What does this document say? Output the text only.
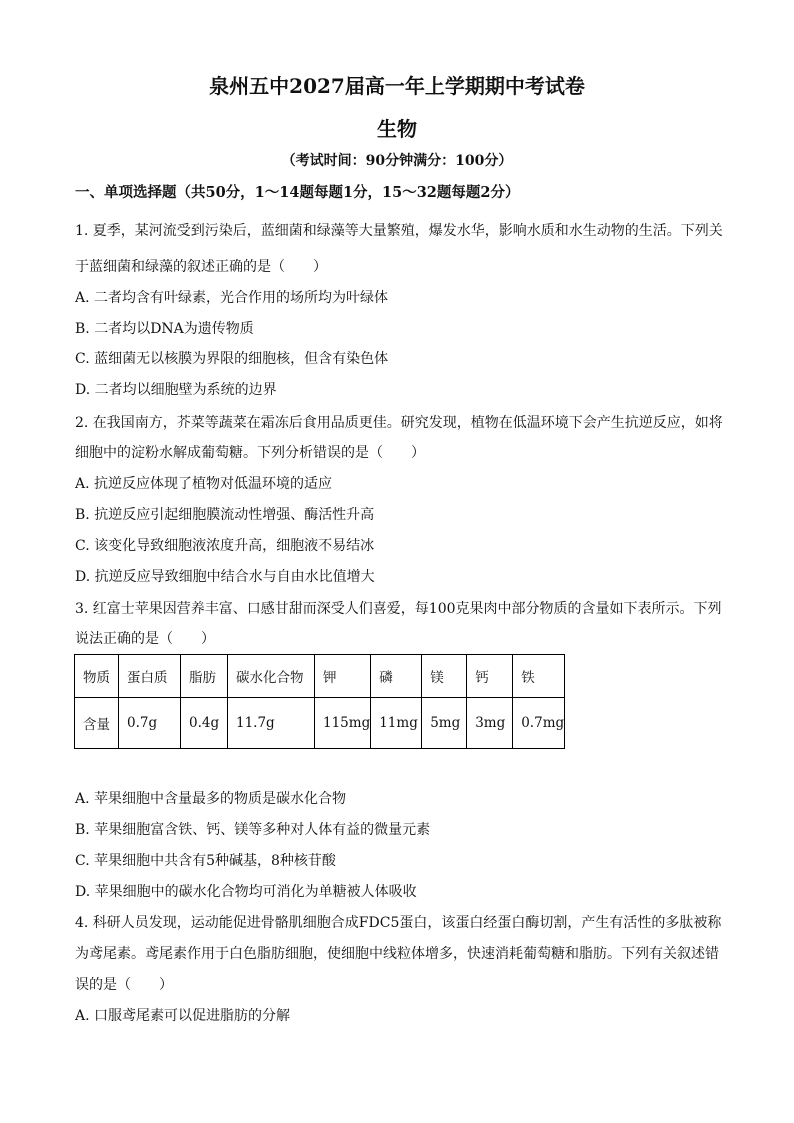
泉州五中2027届高一年上学期期中考试卷
生物
（考试时间：90分钟满分：100分）
一、单项选择题（共50分，1～14题每题1分，15～32题每题2分）
1. 夏季，某河流受到污染后，蓝细菌和绿藻等大量繁殖，爆发水华，影响水质和水生动物的生活。下列关
于蓝细菌和绿藻的叙述正确的是（　　）
A. 二者均含有叶绿素，光合作用的场所均为叶绿体
B. 二者均以DNA为遗传物质
C. 蓝细菌无以核膜为界限的细胞核，但含有染色体
D. 二者均以细胞壁为系统的边界
2. 在我国南方，芥菜等蔬菜在霜冻后食用品质更佳。研究发现，植物在低温环境下会产生抗逆反应，如将
细胞中的淀粉水解成葡萄糖。下列分析错误的是（　　）
A. 抗逆反应体现了植物对低温环境的适应
B. 抗逆反应引起细胞膜流动性增强、酶活性升高
C. 该变化导致细胞液浓度升高，细胞液不易结冰
D. 抗逆反应导致细胞中结合水与自由水比值增大
3. 红富士苹果因营养丰富、口感甘甜而深受人们喜爱，每100克果肉中部分物质的含量如下表所示。下列
说法正确的是（　　）
物质	蛋白质	脂肪	碳水化合物	钾	磷	镁	钙	铁
含量	0.7g	0.4g	11.7g	115mg	11mg	5mg	3mg	0.7mg
A. 苹果细胞中含量最多的物质是碳水化合物
B. 苹果细胞富含铁、钙、镁等多种对人体有益的微量元素
C. 苹果细胞中共含有5种碱基，8种核苷酸
D. 苹果细胞中的碳水化合物均可消化为单糖被人体吸收
4. 科研人员发现，运动能促进骨骼肌细胞合成FDC5蛋白，该蛋白经蛋白酶切割，产生有活性的多肽被称
为鸢尾素。鸢尾素作用于白色脂肪细胞，使细胞中线粒体增多，快速消耗葡萄糖和脂肪。下列有关叙述错
误的是（　　）
A. 口服鸢尾素可以促进脂肪的分解
